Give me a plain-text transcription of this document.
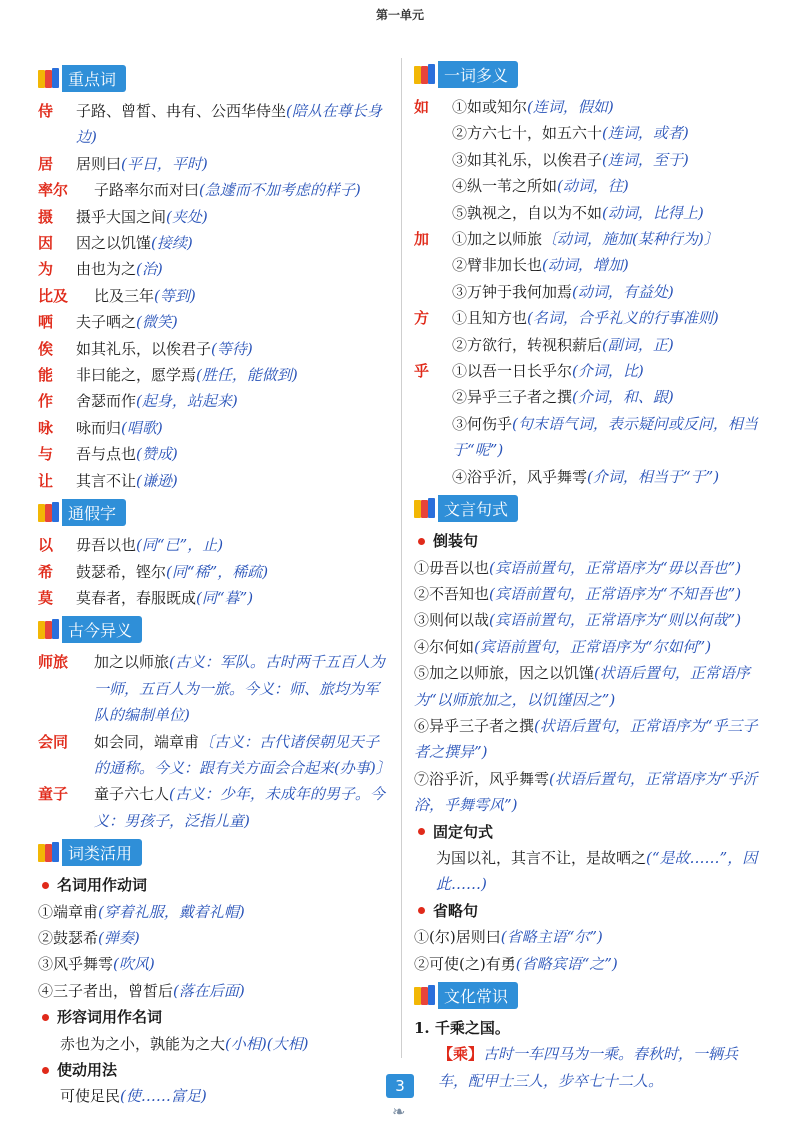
第一单元
重点词
侍	子路、曾皙、冉有、公西华侍坐(陪从在尊长身边)
居	居则曰(平日，平时)
率尔	子路率尔而对曰(急遽而不加考虑的样子)
摄	摄乎大国之间(夹处)
因	因之以饥馑(接续)
为	由也为之(治)
比及	比及三年(等到)
哂	夫子哂之(微笑)
俟	如其礼乐，以俟君子(等待)
能	非曰能之，愿学焉(胜任，能做到)
作	舍瑟而作(起身，站起来)
咏	咏而归(唱歌)
与	吾与点也(赞成)
让	其言不让(谦逊)
通假字
以	毋吾以也(同“已”，止)
希	鼓瑟希，铿尔(同“稀”，稀疏)
莫	莫春者，春服既成(同“暮”)
古今异义
师旅	加之以师旅(古义：军队。古时两千五百人为一师，五百人为一旅。今义：师、旅均为军队的编制单位)
会同	如会同，端章甫〔古义：古代诸侯朝见天子的通称。今义：跟有关方面会合起来(办事)〕
童子	童子六七人(古义：少年，未成年的男子。今义：男孩子，泛指儿童)
词类活用
名词用作动词
①端章甫(穿着礼服，戴着礼帽)
②鼓瑟希(弹奏)
③风乎舞雩(吹风)
④三子者出，曾皙后(落在后面)
形容词用作名词
赤也为之小，孰能为之大(小相)(大相)
使动用法
可使足民(使……富足)
一词多义
如	①如或知尔(连词，假如)
②方六七十，如五六十(连词，或者)
③如其礼乐，以俟君子(连词，至于)
④纵一苇之所如(动词，往)
⑤孰视之，自以为不如(动词，比得上)
加	①加之以师旅〔动词，施加(某种行为)〕
②臂非加长也(动词，增加)
③万钟于我何加焉(动词，有益处)
方	①且知方也(名词，合乎礼义的行事准则)
②方欲行，转视积薪后(副词，正)
乎	①以吾一日长乎尔(介词，比)
②异乎三子者之撰(介词，和、跟)
③何伤乎(句末语气词，表示疑问或反问，相当于“呢”)
④浴乎沂，风乎舞雩(介词，相当于“于”)
文言句式
倒装句
①毋吾以也(宾语前置句，正常语序为“毋以吾也”)
②不吾知也(宾语前置句，正常语序为“不知吾也”)
③则何以哉(宾语前置句，正常语序为“则以何哉”)
④尔何如(宾语前置句，正常语序为“尔如何”)
⑤加之以师旅，因之以饥馑(状语后置句，正常语序为“以师旅加之，以饥馑因之”)
⑥异乎三子者之撰(状语后置句，正常语序为“乎三子者之撰异”)
⑦浴乎沂，风乎舞雩(状语后置句，正常语序为“乎沂浴，乎舞雩风”)
固定句式
为国以礼，其言不让，是故哂之(“是故……”，因此……)
省略句
①(尔)居则曰(省略主语“尔”)
②可使(之)有勇(省略宾语“之”)
文化常识
1. 千乘之国。
【乘】古时一车四马为一乘。春秋时，一辆兵车，配甲士三人，步卒七十二人。
3
❧
